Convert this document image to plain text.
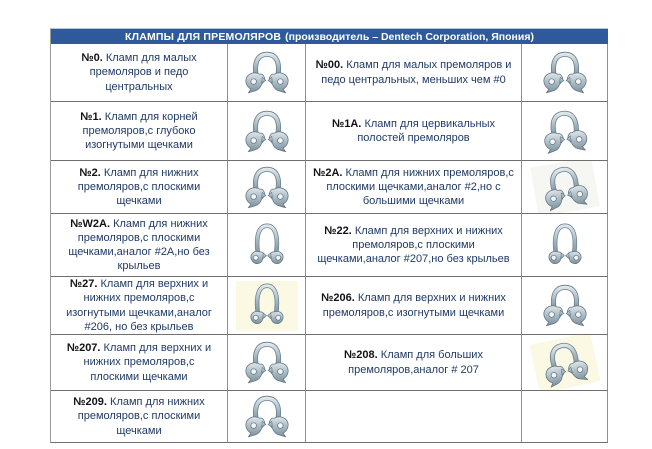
КЛАМПЫ ДЛЯ ПРЕМОЛЯРОВ (производитель – Dentech Corporation, Япония)
№0. Кламп для малых премоляров и педо центральных
№00. Кламп для малых премоляров и педо центральных, меньших чем #0
№1. Кламп для корней премоляров,с глубоко изогнутыми щечками
№1А. Кламп для цервикальных полостей премоляров
№2. Кламп для нижних премоляров,с плоскими щечками
№2А. Кламп для нижних премоляров,с плоскими щечками,аналог #2,но с большими щечками
№W2A. Кламп для нижних премоляров,с плоскими щечками,аналог #2А,но без крыльев
№22. Кламп для верхних и нижних премоляров,с плоскими щечками,аналог #207,но без крыльев
№27. Кламп для верхних и нижних премоляров,с изогнутыми щечками,аналог #206, но без крыльев
№206. Кламп для верхних и нижних премоляров,с изогнутыми щечками
№207. Кламп для верхних и нижних премоляров,с плоскими щечками
№208. Кламп для больших премоляров,аналог # 207
№209. Кламп для нижних премоляров,с плоскими щечками
